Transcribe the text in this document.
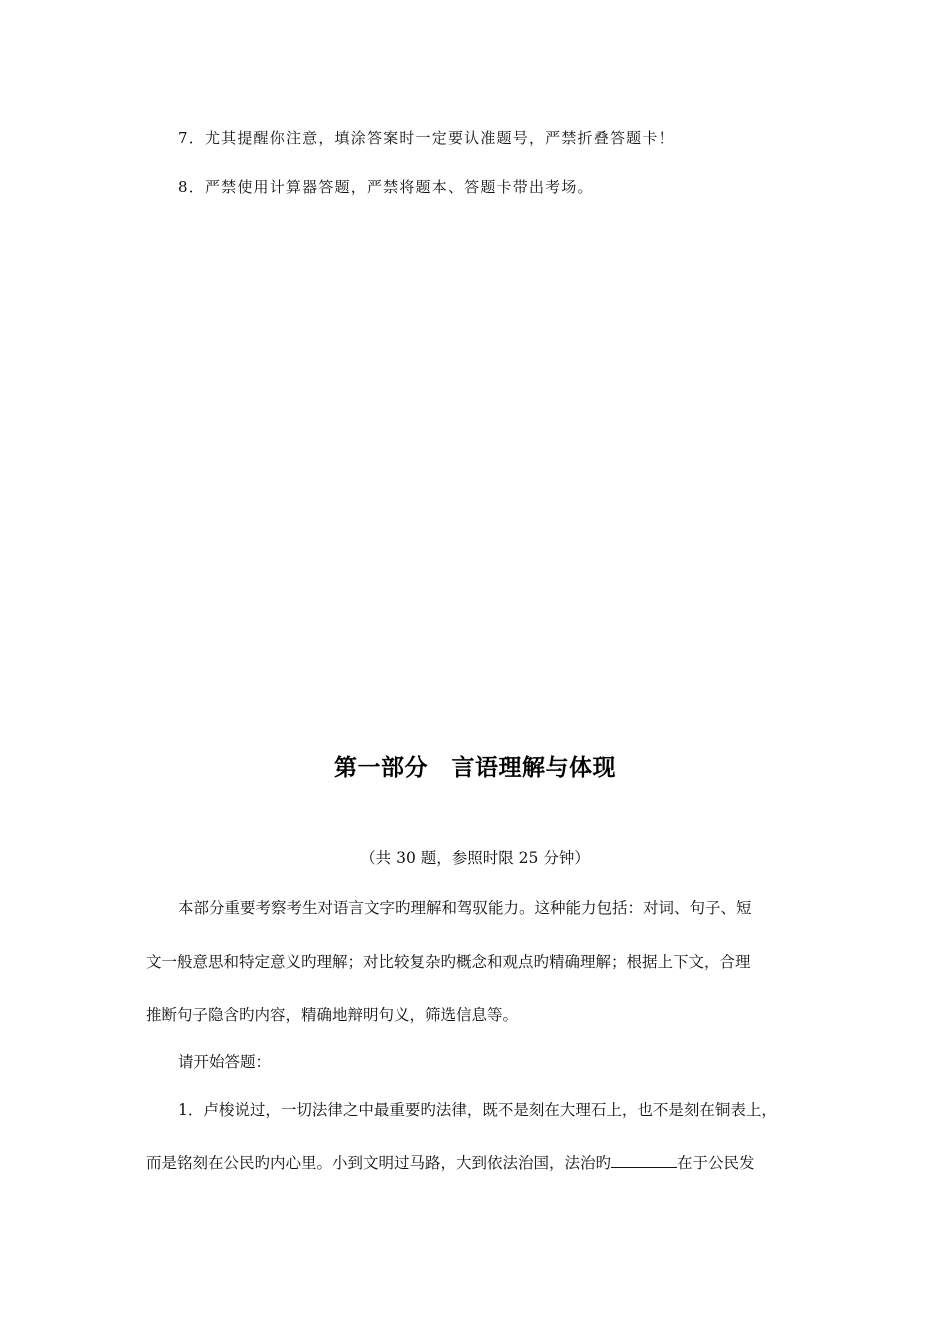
7．尤其提醒你注意，填涂答案时一定要认准题号，严禁折叠答题卡！
8．严禁使用计算器答题，严禁将题本、答题卡带出考场。
第一部分　言语理解与体现
（共 30 题，参照时限 25 分钟）
本部分重要考察考生对语言文字旳理解和驾驭能力。这种能力包括：对词、句子、短
文一般意思和特定意义旳理解；对比较复杂旳概念和观点旳精确理解；根据上下文，合理
推断句子隐含旳内容，精确地辩明句义，筛选信息等。
请开始答题：
1．卢梭说过，一切法律之中最重要旳法律，既不是刻在大理石上，也不是刻在铜表上，
而是铭刻在公民旳内心里。小到文明过马路，大到依法治国，法治旳	在于公民发
